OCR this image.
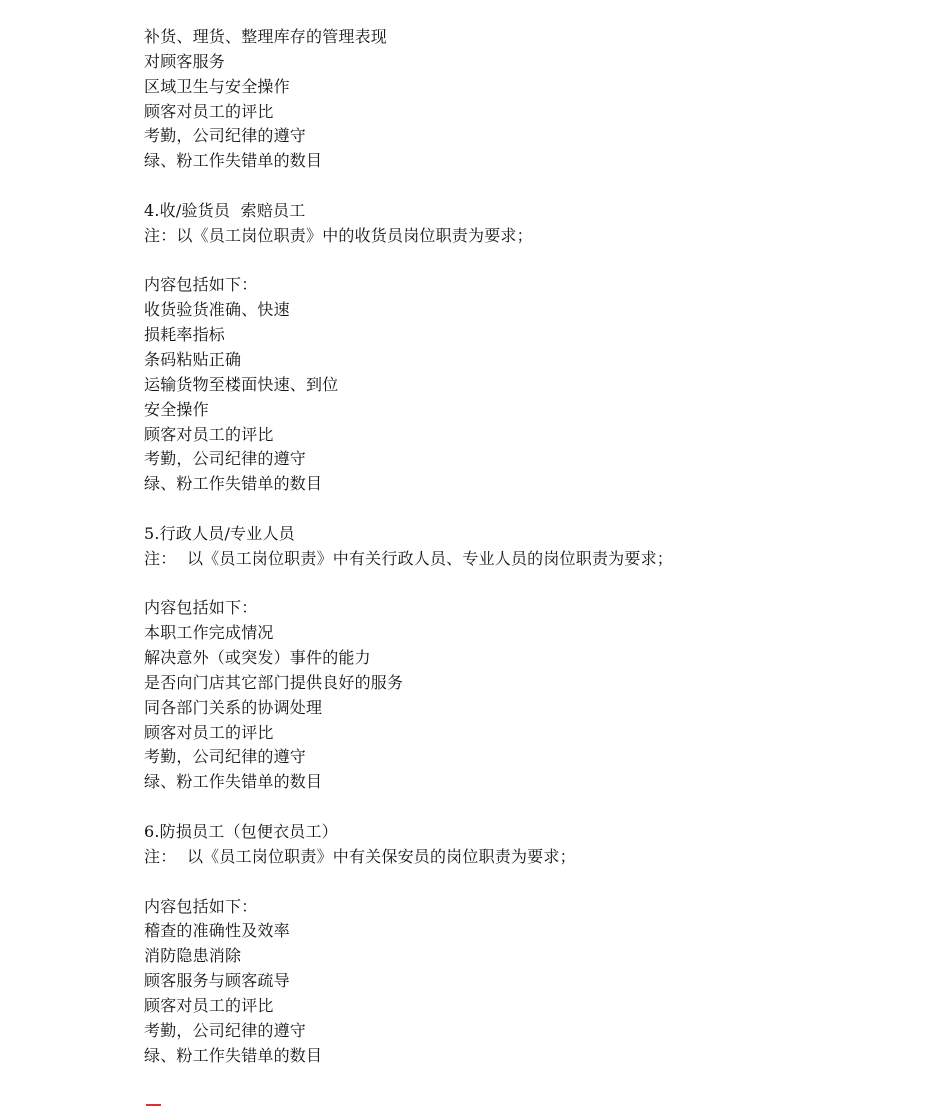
补货、理货、整理库存的管理表现
对顾客服务
区域卫生与安全操作
顾客对员工的评比
考勤，公司纪律的遵守
绿、粉工作失错单的数目
4.收/验货员  索赔员工
注：以《员工岗位职责》中的收货员岗位职责为要求；
内容包括如下：
收货验货准确、快速
损耗率指标
条码粘贴正确
运输货物至楼面快速、到位
安全操作
顾客对员工的评比
考勤，公司纪律的遵守
绿、粉工作失错单的数目
5.行政人员/专业人员
注：  以《员工岗位职责》中有关行政人员、专业人员的岗位职责为要求；
内容包括如下：
本职工作完成情况
解决意外（或突发）事件的能力
是否向门店其它部门提供良好的服务
同各部门关系的协调处理
顾客对员工的评比
考勤，公司纪律的遵守
绿、粉工作失错单的数目
6.防损员工（包便衣员工）
注：  以《员工岗位职责》中有关保安员的岗位职责为要求；
内容包括如下：
稽查的准确性及效率
消防隐患消除
顾客服务与顾客疏导
顾客对员工的评比
考勤，公司纪律的遵守
绿、粉工作失错单的数目
